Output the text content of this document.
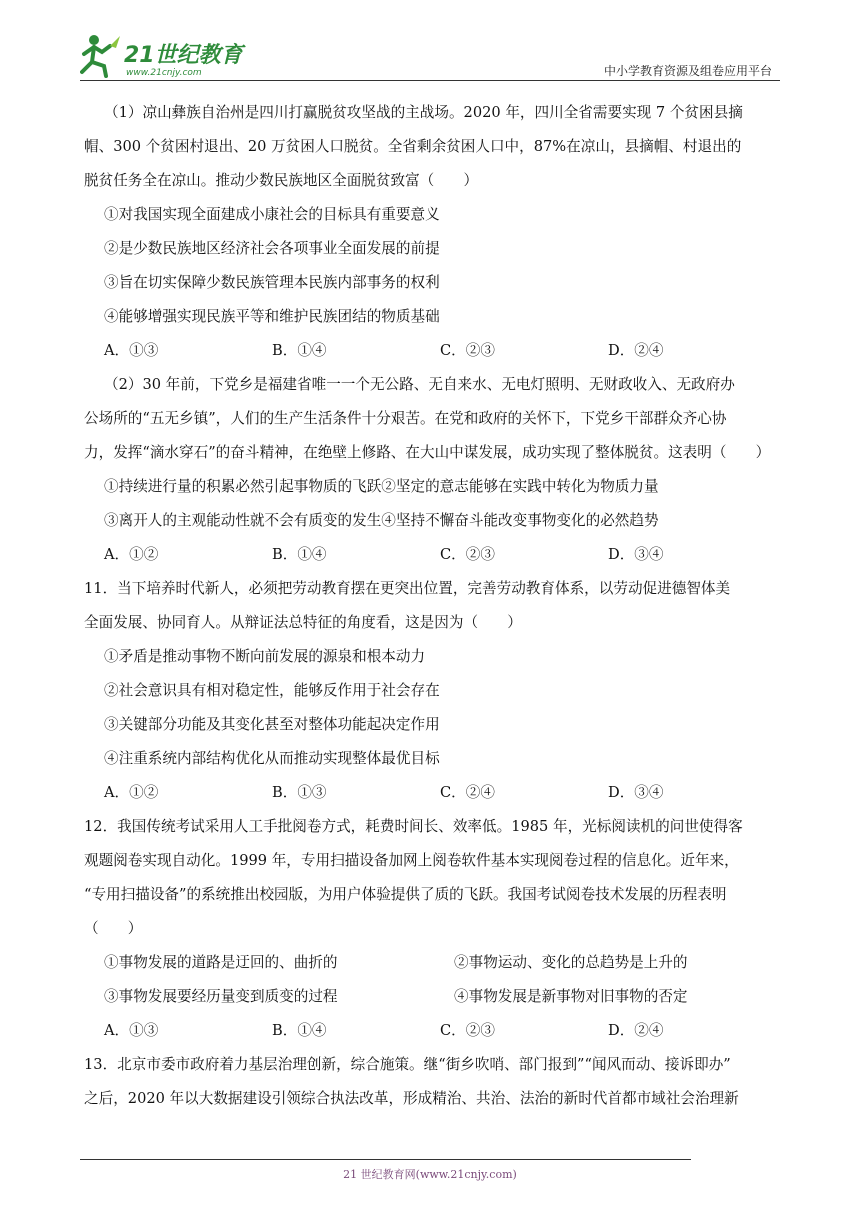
21世纪教育
www.21cnjy.com	中小学教育资源及组卷应用平台
（1）凉山彝族自治州是四川打赢脱贫攻坚战的主战场。2020 年，四川全省需要实现 7 个贫困县摘
帽、300 个贫困村退出、20 万贫困人口脱贫。全省剩余贫困人口中，87%在凉山，县摘帽、村退出的
脱贫任务全在凉山。推动少数民族地区全面脱贫致富（　　）
①对我国实现全面建成小康社会的目标具有重要意义
②是少数民族地区经济社会各项事业全面发展的前提
③旨在切实保障少数民族管理本民族内部事务的权利
④能够增强实现民族平等和维护民族团结的物质基础
A．①③	B．①④	C．②③	D．②④
（2）30 年前，下党乡是福建省唯一一个无公路、无自来水、无电灯照明、无财政收入、无政府办
公场所的“五无乡镇”，人们的生产生活条件十分艰苦。在党和政府的关怀下，下党乡干部群众齐心协
力，发挥“滴水穿石”的奋斗精神，在绝壁上修路、在大山中谋发展，成功实现了整体脱贫。这表明（　　）
①持续进行量的积累必然引起事物质的飞跃②坚定的意志能够在实践中转化为物质力量
③离开人的主观能动性就不会有质变的发生④坚持不懈奋斗能改变事物变化的必然趋势
A．①②	B．①④	C．②③	D．③④
11．当下培养时代新人，必须把劳动教育摆在更突出位置，完善劳动教育体系，以劳动促进德智体美
全面发展、协同育人。从辩证法总特征的角度看，这是因为（　　）
①矛盾是推动事物不断向前发展的源泉和根本动力
②社会意识具有相对稳定性，能够反作用于社会存在
③关键部分功能及其变化甚至对整体功能起决定作用
④注重系统内部结构优化从而推动实现整体最优目标
A．①②	B．①③	C．②④	D．③④
12．我国传统考试采用人工手批阅卷方式，耗费时间长、效率低。1985 年，光标阅读机的问世使得客
观题阅卷实现自动化。1999 年，专用扫描设备加网上阅卷软件基本实现阅卷过程的信息化。近年来，
“专用扫描设备”的系统推出校园版，为用户体验提供了质的飞跃。我国考试阅卷技术发展的历程表明
（　　）
①事物发展的道路是迂回的、曲折的	②事物运动、变化的总趋势是上升的
③事物发展要经历量变到质变的过程	④事物发展是新事物对旧事物的否定
A．①③	B．①④	C．②③	D．②④
13．北京市委市政府着力基层治理创新，综合施策。继“街乡吹哨、部门报到”“闻风而动、接诉即办”
之后，2020 年以大数据建设引领综合执法改革，形成精治、共治、法治的新时代首都市域社会治理新
21 世纪教育网(www.21cnjy.com)
